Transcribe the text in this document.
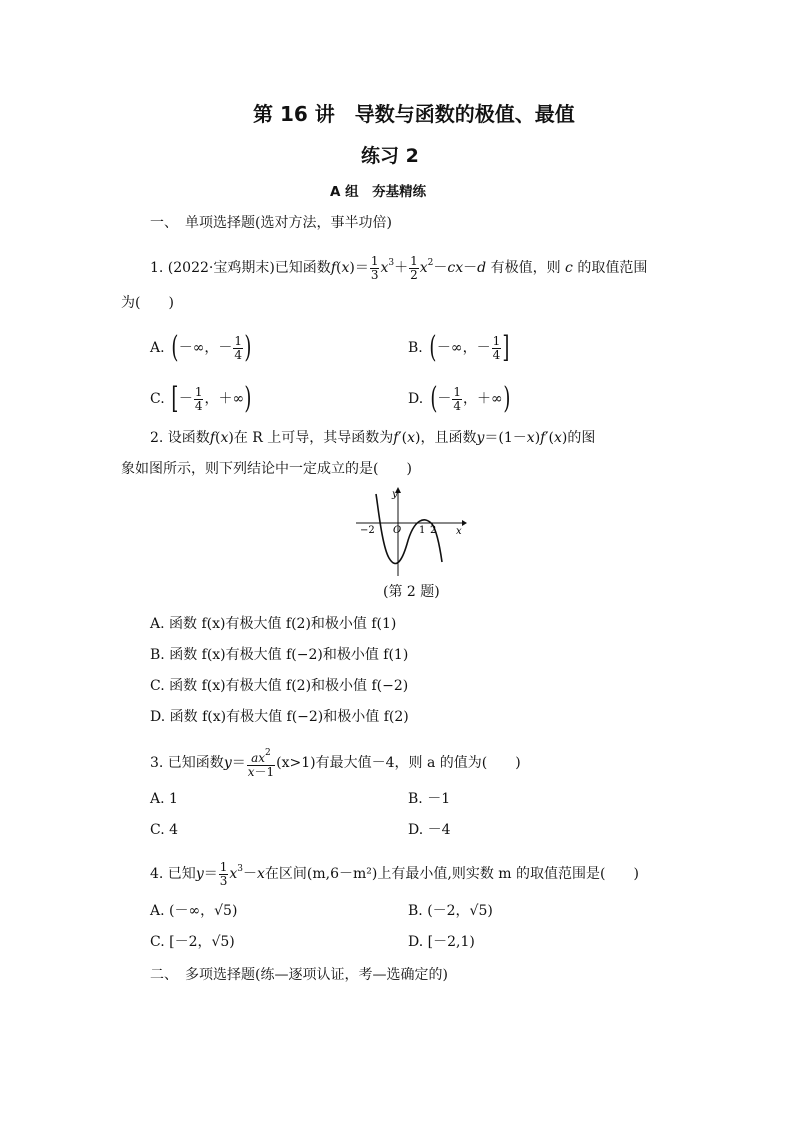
第 16 讲　导数与函数的极值、最值
练习 2
A 组　夯基精练
一、　单项选择题(选对方法，事半功倍)
1. (2022·宝鸡期末)已知函数$f(x)= \frac{1}{3} x^3+ \frac{1}{2} x^2-cx-d$ 有极值，则 c 的取值范围
为(　　)
A. (－∞，－ $\frac{1}{4}$ )	B. (－∞，－ $\frac{1}{4}$ ]
C. [－ $\frac{1}{4}$ ，＋∞)	D. (－ $\frac{1}{4}$ ，＋∞)
2. 设函数f(x)在 R 上可导，其导函数为f′(x)，且函数y＝(1－x)f′(x)的图
象如图所示，则下列结论中一定成立的是(　　)
y
x
O
−2	1 2
(第 2 题)
A. 函数 f(x)有极大值 f(2)和极小值 f(1)
B. 函数 f(x)有极大值 f(−2)和极小值 f(1)
C. 函数 f(x)有极大值 f(2)和极小值 f(−2)
D. 函数 f(x)有极大值 f(−2)和极小值 f(2)
3. 已知函数$y= \frac{ax^2}{x-1} (x>1)$有最大值－4，则 a 的值为(　　)
A. 1	B. －1
C. 4	D. －4
4. 已知$y= \frac{1}{3} x^3-x$在区间(m,6－m²)上有最小值,则实数 m 的取值范围是(　　)
A. (－∞，√5)	B. (－2，√5)
C. [－2，√5)	D. [－2,1)
二、　多项选择题(练—逐项认证，考—选确定的)
